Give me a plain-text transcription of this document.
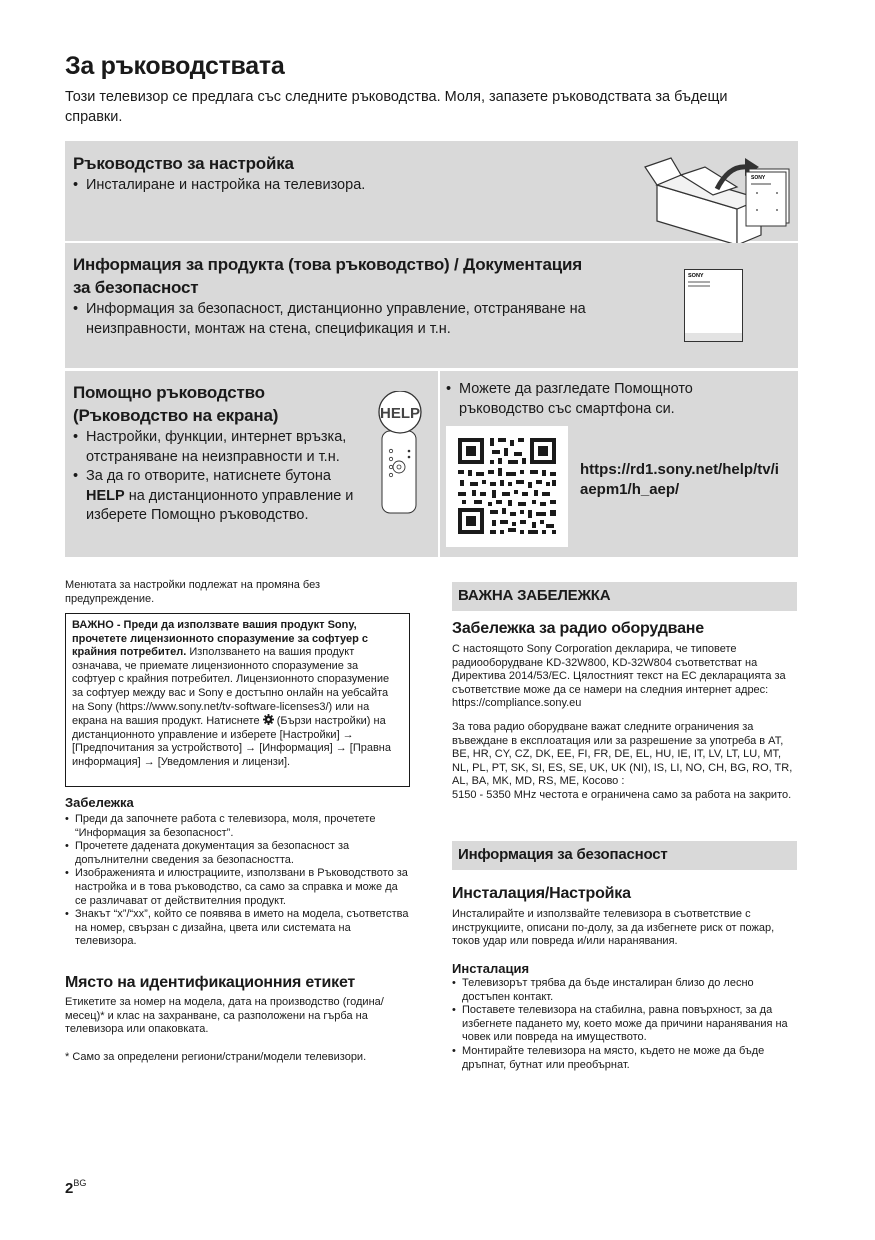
За ръководствата

Този телевизор се предлага със следните ръководства. Моля, запазете ръководствата за бъдещи справки.

Ръководство за настройка
• Инсталиране и настройка на телевизора.	SONY
Информация за продукта (това ръководство) / Документация за безопасност
• Информация за безопасност, дистанционно управление, отстраняване на неизправности, монтаж на стена, спецификация и т.н.
SONY
Помощно ръководство (Ръководство на екрана)
• Настройки, функции, интернет връзка, отстраняване на неизправности и т.н.
• За да го отворите, натиснете бутона HELP на дистанционното управление и изберете Помощно ръководство.
HELP
• Можете да разгледате Помощното ръководство със смартфона си.
https://rd1.sony.net/help/tv/iaepm1/h_aep/

Менютата за настройки подлежат на промяна без предупреждение.

ВАЖНО - Преди да използвате вашия продукт Sony, прочетете лицензионното споразумение за софтуер с крайния потребител. Използването на вашия продукт означава, че приемате лицензионното споразумение за софтуер с крайния потребител. Лицензионното споразумение за софтуер между вас и Sony е достъпно онлайн на уебсайта на Sony (https://www.sony.net/tv-software-licenses3/) или на екрана на вашия продукт. Натиснете (Бързи настройки) на дистанционното управление и изберете [Настройки] → [Предпочитания за устройството] → [Информация] → [Правна информация] → [Уведомления и лицензи].
Забележка
• Преди да започнете работа с телевизора, моля, прочетете “Информация за безопасност”.
• Прочетете дадената документация за безопасност за допълнителни сведения за безопасността.
• Изображенията и илюстрациите, използвани в Ръководството за настройка и в това ръководство, са само за справка и може да се различават от действителния продукт.
• Знакът “x”/“xx”, който се появява в името на модела, съответства на номер, свързан с дизайна, цвета или системата на телевизора.
Място на идентификационния етикет

Етикетите за номер на модела, дата на производство (година/месец)* и клас на захранване, са разположени на гърба на телевизора или опаковката.

* Само за определени региони/страни/модели телевизори.

ВАЖНА ЗАБЕЛЕЖКА
Забележка за радио оборудване

С настоящото Sony Corporation декларира, че типовете радиооборудване KD-32W800, KD-32W804 съответстват на Директива 2014/53/ЕС. Цялостният текст на ЕС декларацията за съответствие може да се намери на следния интернет адрес: https://compliance.sony.eu

За това радио оборудване важат следните ограничения за въвеждане в експлоатация или за разрешение за употреба в AT, BE, HR, CY, CZ, DK, EE, FI, FR, DE, EL, HU, IE, IT, LV, LT, LU, MT, NL, PL, PT, SK, SI, ES, SE, UK, UK (NI), IS, LI, NO, CH, BG, RO, TR, AL, BA, MK, MD, RS, ME, Косово :

5150 - 5350 MHz честота е ограничена само за работа на закрито.

Информация за безопасност
Инсталация/Настройка

Инсталирайте и използвайте телевизора в съответствие с инструкциите, описани по-долу, за да избегнете риск от пожар, токов удар или повреда и/или наранявания.

Инсталация
• Телевизорът трябва да бъде инсталиран близо до лесно достъпен контакт.
• Поставете телевизора на стабилна, равна повърхност, за да избегнете падането му, което може да причини наранявания на човек или повреда на имуществото.
• Монтирайте телевизора на място, където не може да бъде дръпнат, бутнат или преобърнат.
$2^{BG}$
